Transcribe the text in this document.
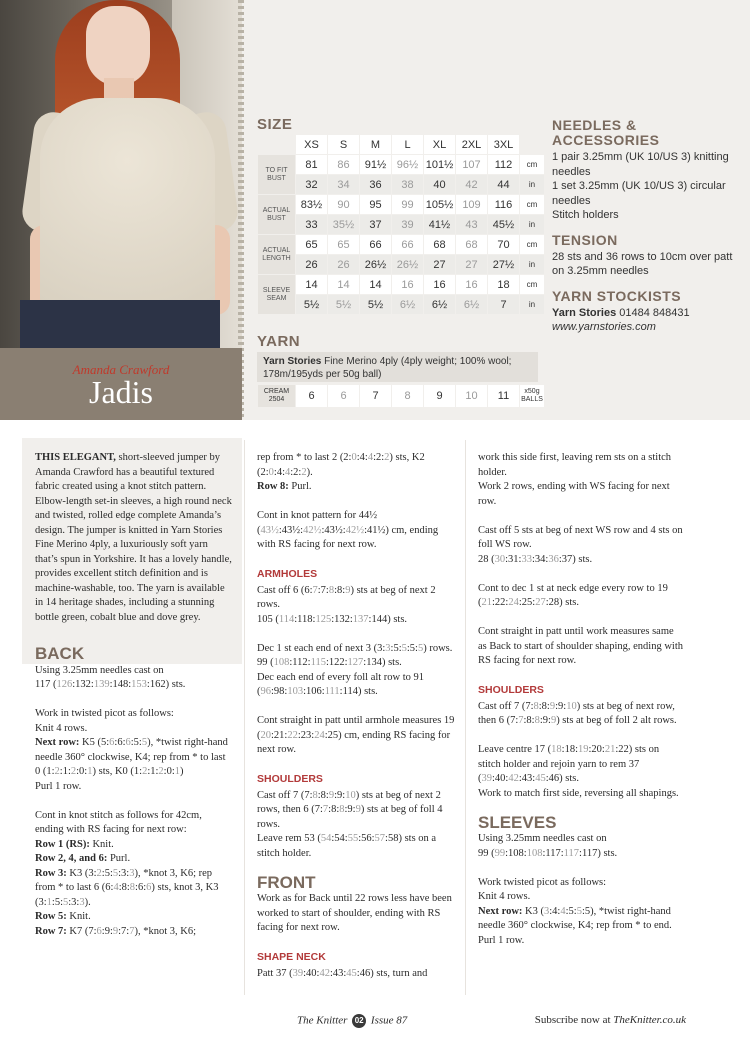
Amanda Crawford
Jadis
SIZE
	XS	S	M	L	XL	2XL	3XL	
TO FIT BUST	81	86	91½	96½	101½	107	112	cm
	32	34	36	38	40	42	44	in
ACTUAL BUST	83½	90	95	99	105½	109	116	cm
	33	35½	37	39	41½	43	45½	in
ACTUAL LENGTH	65	65	66	66	68	68	70	cm
	26	26	26½	26½	27	27	27½	in
SLEEVE SEAM	14	14	14	16	16	16	18	cm
	5½	5½	5½	6½	6½	6½	7	in
YARN
Yarn Stories Fine Merino 4ply (4ply weight; 100% wool; 178m/195yds per 50g ball)
CREAM 2504	6	6	7	8	9	10	11	x50g BALLS
NEEDLES & ACCESSORIES
1 pair 3.25mm (UK 10/US 3) knitting needles
1 set 3.25mm (UK 10/US 3) circular needles
Stitch holders
TENSION
28 sts and 36 rows to 10cm over patt on 3.25mm needles
YARN STOCKISTS
Yarn Stories 01484 848431
www.yarnstories.com

THIS ELEGANT, short-sleeved jumper by Amanda Crawford has a beautiful textured fabric created using a knot stitch pattern. Elbow-length set-in sleeves, a high round neck and twisted, rolled edge complete Amanda’s design. The jumper is knitted in Yarn Stories Fine Merino 4ply, a luxuriously soft yarn that’s spun in Yorkshire. It has a lovely handle, provides excellent stitch definition and is machine-washable, too. The yarn is available in 14 heritage shades, including a stunning bottle green, cobalt blue and dove grey.

BACK

Using 3.25mm needles cast on
117 (126:132:139:148:153:162) sts.

Work in twisted picot as follows:
Knit 4 rows.
Next row: K5 (5:6:6:6:5:5), *twist right-hand needle 360° clockwise, K4; rep from * to last 0 (1:2:1:2:0:1) sts, K0 (1:2:1:2:0:1)
Purl 1 row.

Cont in knot stitch as follows for 42cm, ending with RS facing for next row:
Row 1 (RS): Knit.
Row 2, 4, and 6: Purl.
Row 3: K3 (3:2:5:5:3:3), *knot 3, K6; rep from * to last 6 (6:4:8:8:6:6) sts, knot 3, K3 (3:1:5:5:3:3).
Row 5: Knit.
Row 7: K7 (7:6:9:9:7:7), *knot 3, K6;

rep from * to last 2 (2:0:4:4:2:2) sts, K2 (2:0:4:4:2:2).
Row 8: Purl.

Cont in knot pattern for 44½ (43½:43½:42½:43½:42½:41½) cm, ending with RS facing for next row.

ARMHOLES

Cast off 6 (6:7:7:8:8:9) sts at beg of next 2 rows.
105 (114:118:125:132:137:144) sts.

Dec 1 st each end of next 3 (3:3:5:5:5:5) rows.
99 (108:112:115:122:127:134) sts.
Dec each end of every foll alt row to 91 (96:98:103:106:111:114) sts.

Cont straight in patt until armhole measures 19 (20:21:22:23:24:25) cm, ending RS facing for next row.

SHOULDERS

Cast off 7 (7:8:8:9:9:10) sts at beg of next 2 rows, then 6 (7:7:8:8:9:9) sts at beg of foll 4 rows.
Leave rem 53 (54:54:55:56:57:58) sts on a stitch holder.

FRONT

Work as for Back until 22 rows less have been worked to start of shoulder, ending with RS facing for next row.

SHAPE NECK

Patt 37 (39:40:42:43:45:46) sts, turn and

work this side first, leaving rem sts on a stitch holder.
Work 2 rows, ending with WS facing for next row.

Cast off 5 sts at beg of next WS row and 4 sts on foll WS row.
28 (30:31:33:34:36:37) sts.

Cont to dec 1 st at neck edge every row to 19 (21:22:24:25:27:28) sts.

Cont straight in patt until work measures same as Back to start of shoulder shaping, ending with RS facing for next row.

SHOULDERS

Cast off 7 (7:8:8:9:9:10) sts at beg of next row, then 6 (7:7:8:8:9:9) sts at beg of foll 2 alt rows.

Leave centre 17 (18:18:19:20:21:22) sts on stitch holder and rejoin yarn to rem 37 (39:40:42:43:45:46) sts.
Work to match first side, reversing all shapings.

SLEEVES

Using 3.25mm needles cast on
99 (99:108:108:117:117:117) sts.

Work twisted picot as follows:
Knit 4 rows.
Next row: K3 (3:4:4:5:5:5), *twist right-hand needle 360° clockwise, K4; rep from * to end.
Purl 1 row.

The Knitter 02 Issue 87	Subscribe now at TheKnitter.co.uk
